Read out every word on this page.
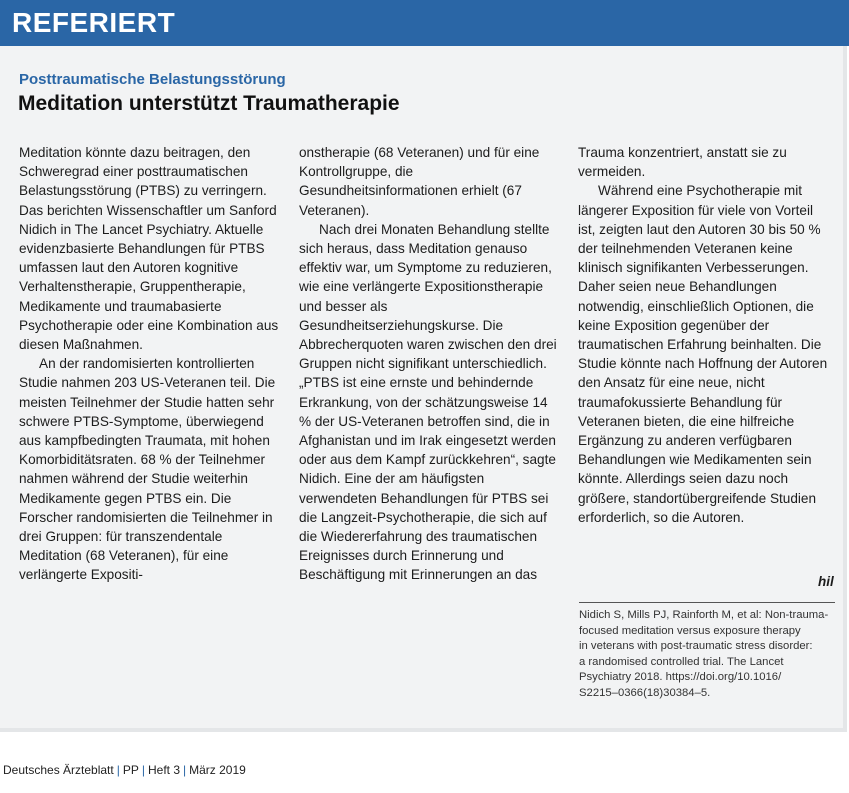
REFERIERT
Posttraumatische Belastungsstörung
Meditation unterstützt Traumatherapie

Meditation könnte dazu beitragen, den Schweregrad einer posttraumatischen Belastungsstörung (PTBS) zu verringern. Das berichten Wissenschaftler um Sanford Nidich in The Lancet Psychiatry. Aktuelle evidenzbasierte Behandlungen für PTBS umfassen laut den Autoren kognitive Verhaltenstherapie, Gruppentherapie, Medikamente und traumabasierte Psychotherapie oder eine Kombination aus diesen Maßnahmen.

An der randomisierten kontrollierten Studie nahmen 203 US-Veteranen teil. Die meisten Teilnehmer der Studie hatten sehr schwere PTBS-Symptome, überwiegend aus kampfbedingten Traumata, mit hohen Komorbiditätsraten. 68 % der Teilnehmer nahmen während der Studie weiterhin Medikamente gegen PTBS ein. Die Forscher randomisierten die Teilnehmer in drei Gruppen: für transzendentale Meditation (68 Veteranen), für eine verlängerte Expositi-

onstherapie (68 Veteranen) und für eine Kontrollgruppe, die Gesundheitsinformationen erhielt (67 Veteranen).

Nach drei Monaten Behandlung stellte sich heraus, dass Meditation genauso effektiv war, um Symptome zu reduzieren, wie eine verlängerte Expositionstherapie und besser als Gesundheitserziehungskurse. Die Abbrecherquoten waren zwischen den drei Gruppen nicht signifikant unterschiedlich. „PTBS ist eine ernste und behindernde Erkrankung, von der schätzungsweise 14 % der US-Veteranen betroffen sind, die in Afghanistan und im Irak eingesetzt werden oder aus dem Kampf zurückkehren“, sagte Nidich. Eine der am häufigsten verwendeten Behandlungen für PTBS sei die Langzeit-Psychotherapie, die sich auf die Wiedererfahrung des traumatischen Ereignisses durch Erinnerung und Beschäftigung mit Erinnerungen an das

Trauma konzentriert, anstatt sie zu vermeiden.

Während eine Psychotherapie mit längerer Exposition für viele von Vorteil ist, zeigten laut den Autoren 30 bis 50 % der teilnehmenden Veteranen keine klinisch signifikanten Verbesserungen. Daher seien neue Behandlungen notwendig, einschließlich Optionen, die keine Exposition gegenüber der traumatischen Erfahrung beinhalten. Die Studie könnte nach Hoffnung der Autoren den Ansatz für eine neue, nicht traumafokussierte Behandlung für Veteranen bieten, die eine hilfreiche Ergänzung zu anderen verfügbaren Behandlungen wie Medikamenten sein könnte. Allerdings seien dazu noch größere, standortübergreifende Studien erforderlich, so die Autoren.

hil
Nidich S, Mills PJ, Rainforth M, et al: Non-trauma-
focused meditation versus exposure therapy
in veterans with post-traumatic stress disorder:
a randomised controlled trial. The Lancet
Psychiatry 2018. https://doi.org/10.1016/
S2215–0366(18)30384–5.
Deutsches Ärzteblatt | PP | Heft 3 | März 2019
